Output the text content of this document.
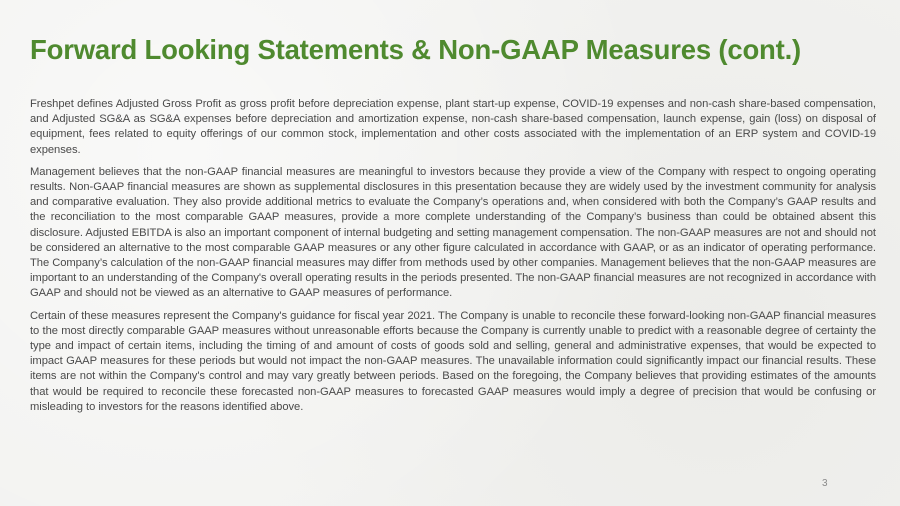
Forward Looking Statements & Non-GAAP Measures (cont.)

Freshpet defines Adjusted Gross Profit as gross profit before depreciation expense, plant start-up expense, COVID-19 expenses and non-cash share-based compensation, and Adjusted SG&A as SG&A expenses before depreciation and amortization expense, non-cash share-based compensation, launch expense, gain (loss) on disposal of equipment, fees related to equity offerings of our common stock, implementation and other costs associated with the implementation of an ERP system and COVID-19 expenses.

Management believes that the non-GAAP financial measures are meaningful to investors because they provide a view of the Company with respect to ongoing operating results. Non-GAAP financial measures are shown as supplemental disclosures in this presentation because they are widely used by the investment community for analysis and comparative evaluation. They also provide additional metrics to evaluate the Company’s operations and, when considered with both the Company’s GAAP results and the reconciliation to the most comparable GAAP measures, provide a more complete understanding of the Company’s business than could be obtained absent this disclosure. Adjusted EBITDA is also an important component of internal budgeting and setting management compensation. The non-GAAP measures are not and should not be considered an alternative to the most comparable GAAP measures or any other figure calculated in accordance with GAAP, or as an indicator of operating performance. The Company’s calculation of the non-GAAP financial measures may differ from methods used by other companies. Management believes that the non-GAAP measures are important to an understanding of the Company's overall operating results in the periods presented. The non-GAAP financial measures are not recognized in accordance with GAAP and should not be viewed as an alternative to GAAP measures of performance.

Certain of these measures represent the Company's guidance for fiscal year 2021. The Company is unable to reconcile these forward-looking non-GAAP financial measures to the most directly comparable GAAP measures without unreasonable efforts because the Company is currently unable to predict with a reasonable degree of certainty the type and impact of certain items, including the timing of and amount of costs of goods sold and selling, general and administrative expenses, that would be expected to impact GAAP measures for these periods but would not impact the non-GAAP measures. The unavailable information could significantly impact our financial results. These items are not within the Company's control and may vary greatly between periods. Based on the foregoing, the Company believes that providing estimates of the amounts that would be required to reconcile these forecasted non-GAAP measures to forecasted GAAP measures would imply a degree of precision that would be confusing or misleading to investors for the reasons identified above.

3
